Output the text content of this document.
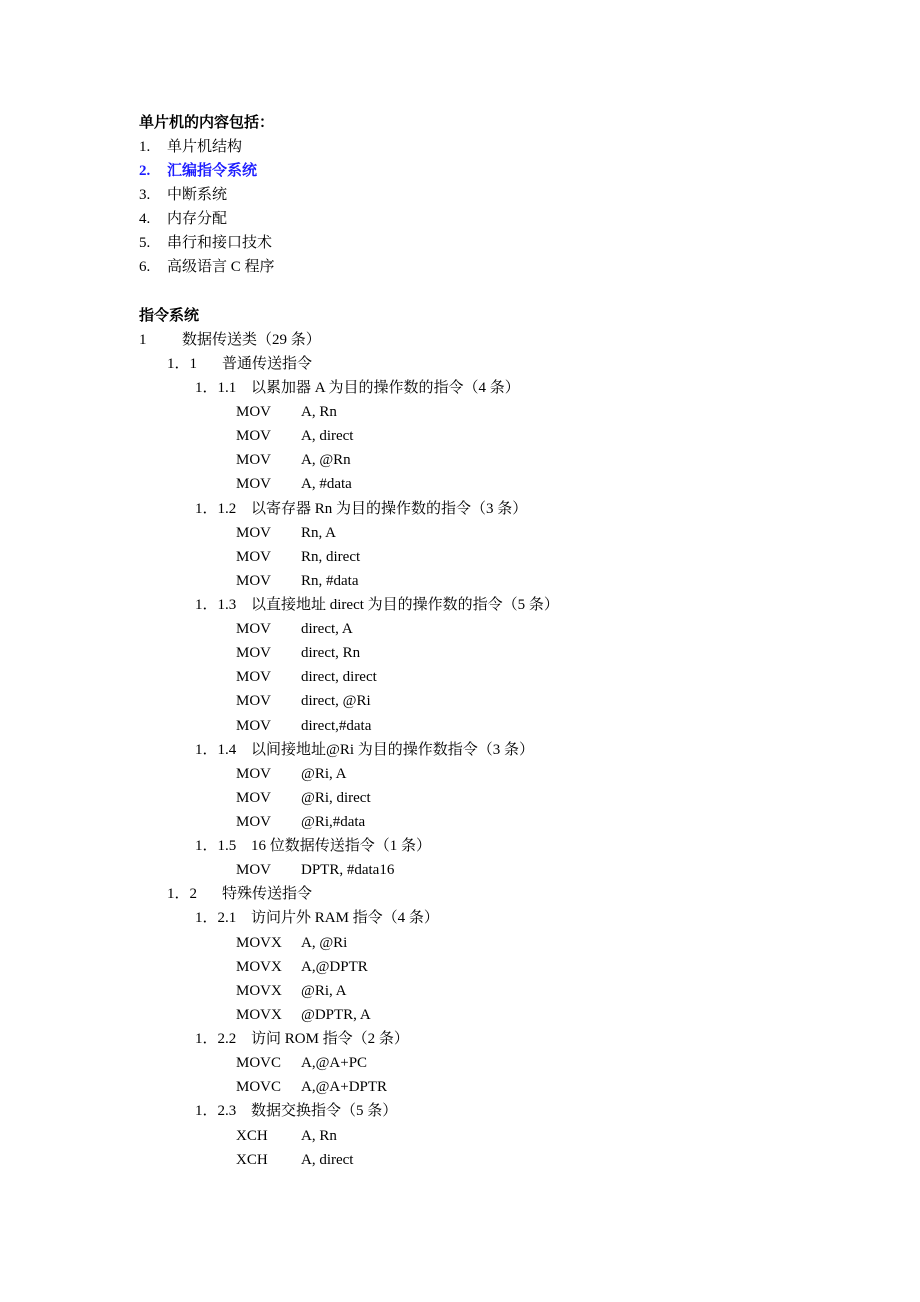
单片机的内容包括：
1. 单片机结构
2. 汇编指令系统
3. 中断系统
4. 内存分配
5. 串行和接口技术
6. 高级语言 C 程序
指令系统
1 数据传送类（29 条）
1．1 普通传送指令
1．1.1 以累加器 A 为目的操作数的指令（4 条）
MOV A, Rn
MOV A, direct
MOV A, @Rn
MOV A, #data
1．1.2 以寄存器 Rn 为目的操作数的指令（3 条）
MOV Rn, A
MOV Rn, direct
MOV Rn, #data
1．1.3 以直接地址 direct 为目的操作数的指令（5 条）
MOV direct, A
MOV direct, Rn
MOV direct, direct
MOV direct, @Ri
MOV direct,#data
1．1.4 以间接地址@Ri 为目的操作数指令（3 条）
MOV @Ri, A
MOV @Ri, direct
MOV @Ri,#data
1．1.5 16 位数据传送指令（1 条）
MOV DPTR, #data16
1．2 特殊传送指令
1．2.1 访问片外 RAM 指令（4 条）
MOVX A, @Ri
MOVX A,@DPTR
MOVX @Ri, A
MOVX @DPTR, A
1．2.2 访问 ROM 指令（2 条）
MOVC A,@A+PC
MOVC A,@A+DPTR
1．2.3 数据交换指令（5 条）
XCH A, Rn
XCH A, direct
